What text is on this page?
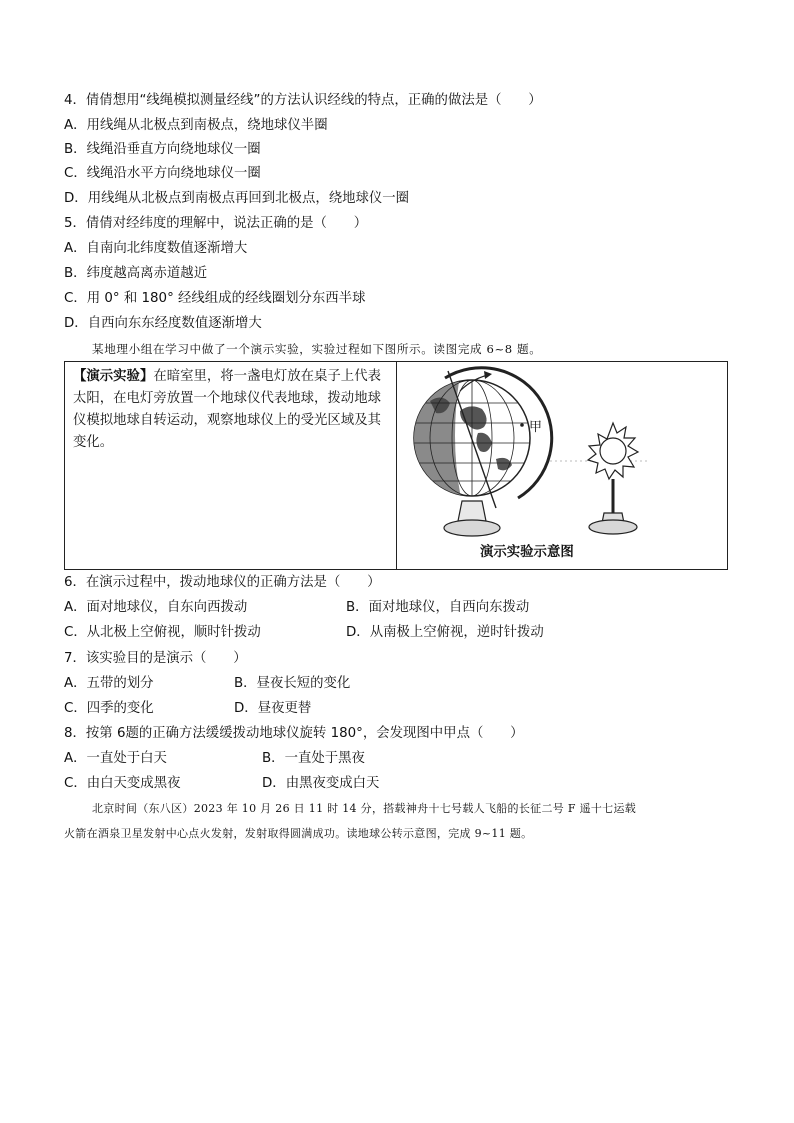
4．倩倩想用“线绳模拟测量经线”的方法认识经线的特点，正确的做法是（　　）
A．用线绳从北极点到南极点，绕地球仪半圈
B．线绳沿垂直方向绕地球仪一圈
C．线绳沿水平方向绕地球仪一圈
D．用线绳从北极点到南极点再回到北极点，绕地球仪一圈
5．倩倩对经纬度的理解中，说法正确的是（　　）
A．自南向北纬度数值逐渐增大
B．纬度越高离赤道越近
C．用 0° 和 180° 经线组成的经线圈划分东西半球
D．自西向东东经度数值逐渐增大
某地理小组在学习中做了一个演示实验，实验过程如下图所示。读图完成 6~8 题。
【演示实验】在暗室里，将一盏电灯放在桌子上代表太阳，在电灯旁放置一个地球仪代表地球，拨动地球仪模拟地球自转运动，观察地球仪上的受光区域及其变化。
甲
演示实验示意图
6．在演示过程中，拨动地球仪的正确方法是（　　）
A．面对地球仪，自东向西拨动	B．面对地球仪，自西向东拨动
C．从北极上空俯视，顺时针拨动	D．从南极上空俯视，逆时针拨动
7．该实验目的是演示（　　）
A．五带的划分	B．昼夜长短的变化
C．四季的变化	D．昼夜更替
8．按第 6题的正确方法缓缓拨动地球仪旋转 180°，会发现图中甲点（　　）
A．一直处于白天	B．一直处于黑夜
C．由白天变成黑夜	D．由黑夜变成白天
北京时间（东八区）2023 年 10 月 26 日 11 时 14 分，搭载神舟十七号载人飞船的长征二号 F 遥十七运载
火箭在酒泉卫星发射中心点火发射，发射取得圆满成功。读地球公转示意图，完成 9~11 题。
